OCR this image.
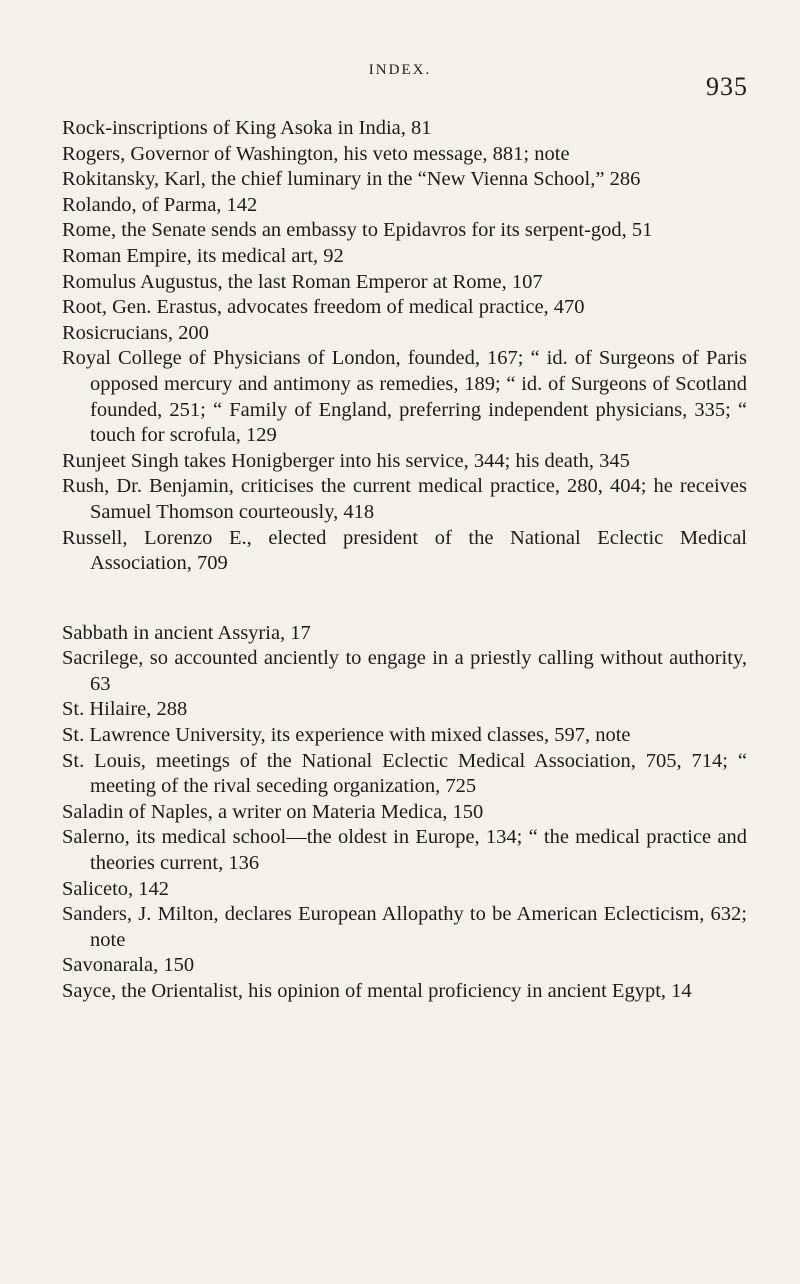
INDEX.
935
Rock-inscriptions of King Asoka in India, 81
Rogers, Governor of Washington, his veto message, 881; note
Rokitansky, Karl, the chief luminary in the “New Vienna School,” 286
Rolando, of Parma, 142
Rome, the Senate sends an embassy to Epidavros for its serpent-god, 51
Roman Empire, its medical art, 92
Romulus Augustus, the last Roman Emperor at Rome, 107
Root, Gen. Erastus, advocates freedom of medical practice, 470
Rosicrucians, 200
Royal College of Physicians of London, founded, 167; “ id. of Surgeons of Paris opposed mercury and antimony as remedies, 189; “ id. of Surgeons of Scotland founded, 251; “ Family of England, preferring independent physicians, 335; “ touch for scrofula, 129
Runjeet Singh takes Honigberger into his service, 344; his death, 345
Rush, Dr. Benjamin, criticises the current medical practice, 280, 404; he receives Samuel Thomson courteously, 418
Russell, Lorenzo E., elected president of the National Eclectic Medical Association, 709
Sabbath in ancient Assyria, 17
Sacrilege, so accounted anciently to engage in a priestly calling without authority, 63
St. Hilaire, 288
St. Lawrence University, its experience with mixed classes, 597, note
St. Louis, meetings of the National Eclectic Medical Association, 705, 714; “ meeting of the rival seceding organization, 725
Saladin of Naples, a writer on Materia Medica, 150
Salerno, its medical school—the oldest in Europe, 134; “ the medical practice and theories current, 136
Saliceto, 142
Sanders, J. Milton, declares European Allopathy to be American Eclecticism, 632; note
Savonarala, 150
Sayce, the Orientalist, his opinion of mental proficiency in ancient Egypt, 14
